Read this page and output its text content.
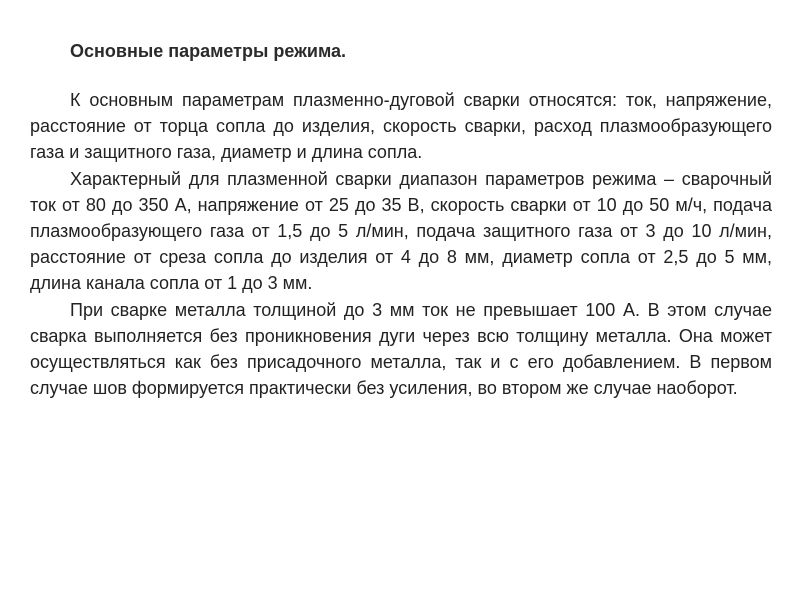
Основные параметры режима.

К основным параметрам плазменно-дуговой сварки относятся: ток, напряжение, расстояние от торца сопла до изделия, скорость сварки, расход плазмообразующего газа и защитного газа, диаметр и длина сопла.

Характерный для плазменной сварки диапазон параметров режима – сварочный ток от 80 до 350 А, напряжение от 25 до 35 В, скорость сварки от 10 до 50 м/ч, подача плазмообразующего газа от 1,5 до 5 л/мин, подача защитного газа от 3 до 10 л/мин, расстояние от среза сопла до изделия от 4 до 8 мм, диаметр сопла от 2,5 до 5 мм, длина канала сопла от 1 до 3 мм.

При сварке металла толщиной до 3 мм ток не превышает 100 А. В этом случае сварка выполняется без проникновения дуги через всю толщину металла. Она может осуществляться как без присадочного металла, так и с его добавлением. В первом случае шов формируется практически без усиления, во втором же случае наоборот.
